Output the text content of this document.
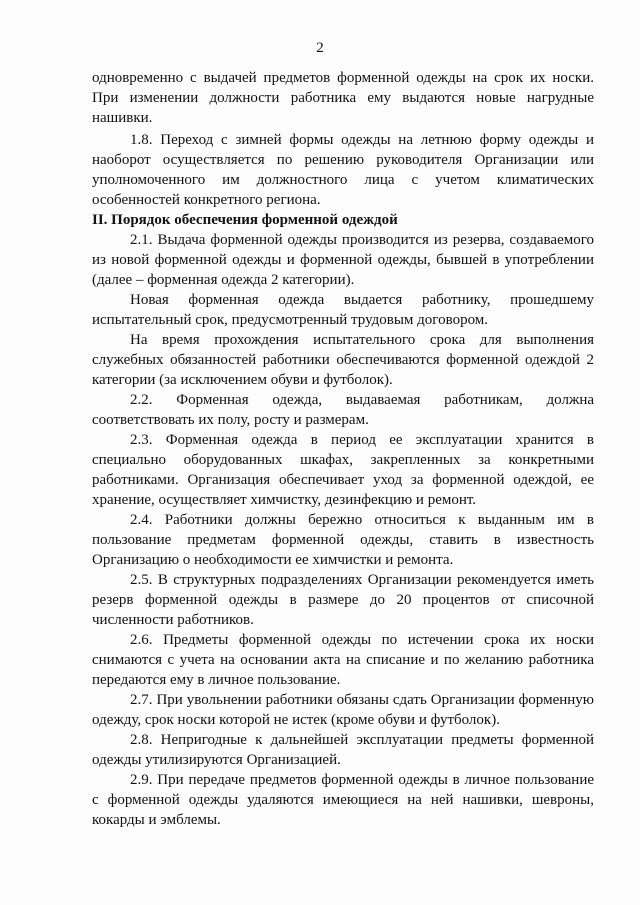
2

одновременно с выдачей предметов форменной одежды на срок их носки. При изменении должности работника ему выдаются новые нагрудные нашивки.

1.8. Переход с зимней формы одежды на летнюю форму одежды и наоборот осуществляется по решению руководителя Организации или уполномоченного им должностного лица с учетом климатических особенностей конкретного региона.

II. Порядок обеспечения форменной одеждой

2.1. Выдача форменной одежды производится из резерва, создаваемого из новой форменной одежды и форменной одежды, бывшей в употреблении (далее – форменная одежда 2 категории).

Новая форменная одежда выдается работнику, прошедшему испытательный срок, предусмотренный трудовым договором.

На время прохождения испытательного срока для выполнения служебных обязанностей работники обеспечиваются форменной одеждой 2 категории (за исключением обуви и футболок).

2.2. Форменная одежда, выдаваемая работникам, должна соответствовать их полу, росту и размерам.

2.3. Форменная одежда в период ее эксплуатации хранится в специально оборудованных шкафах, закрепленных за конкретными работниками. Организация обеспечивает уход за форменной одеждой, ее хранение, осуществляет химчистку, дезинфекцию и ремонт.

2.4. Работники должны бережно относиться к выданным им в пользование предметам форменной одежды, ставить в известность Организацию о необходимости ее химчистки и ремонта.

2.5. В структурных подразделениях Организации рекомендуется иметь резерв форменной одежды в размере до 20 процентов от списочной численности работников.

2.6. Предметы форменной одежды по истечении срока их носки снимаются с учета на основании акта на списание и по желанию работника передаются ему в личное пользование.

2.7. При увольнении работники обязаны сдать Организации форменную одежду, срок носки которой не истек (кроме обуви и футболок).

2.8. Непригодные к дальнейшей эксплуатации предметы форменной одежды утилизируются Организацией.

2.9. При передаче предметов форменной одежды в личное пользование с форменной одежды удаляются имеющиеся на ней нашивки, шевроны, кокарды и эмблемы.
